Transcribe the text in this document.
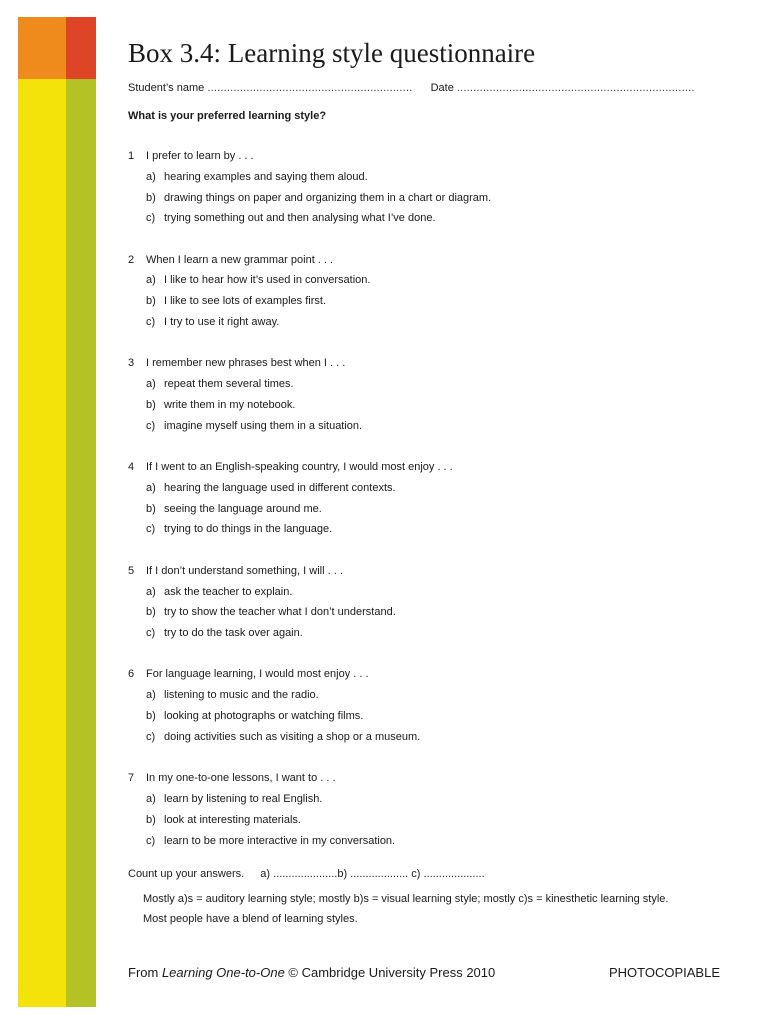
Box 3.4: Learning style questionnaire
Student’s name ............................................................... Date .........................................................................
What is your preferred learning style?
1 I prefer to learn by . . .
a) hearing examples and saying them aloud.
b) drawing things on paper and organizing them in a chart or diagram.
c) trying something out and then analysing what I’ve done.
2 When I learn a new grammar point . . .
a) I like to hear how it’s used in conversation.
b) I like to see lots of examples first.
c) I try to use it right away.
3 I remember new phrases best when I . . .
a) repeat them several times.
b) write them in my notebook.
c) imagine myself using them in a situation.
4 If I went to an English-speaking country, I would most enjoy . . .
a) hearing the language used in different contexts.
b) seeing the language around me.
c) trying to do things in the language.
5 If I don’t understand something, I will . . .
a) ask the teacher to explain.
b) try to show the teacher what I don’t understand.
c) try to do the task over again.
6 For language learning, I would most enjoy . . .
a) listening to music and the radio.
b) looking at photographs or watching films.
c) doing activities such as visiting a shop or a museum.
7 In my one-to-one lessons, I want to . . .
a) learn by listening to real English.
b) look at interesting materials.
c) learn to be more interactive in my conversation.
Count up your answers. a) .....................b) ................... c) ....................
Mostly a)s = auditory learning style; mostly b)s = visual learning style; mostly c)s = kinesthetic learning style.
Most people have a blend of learning styles.
From Learning One-to-One © Cambridge University Press 2010	PHOTOCOPIABLE
